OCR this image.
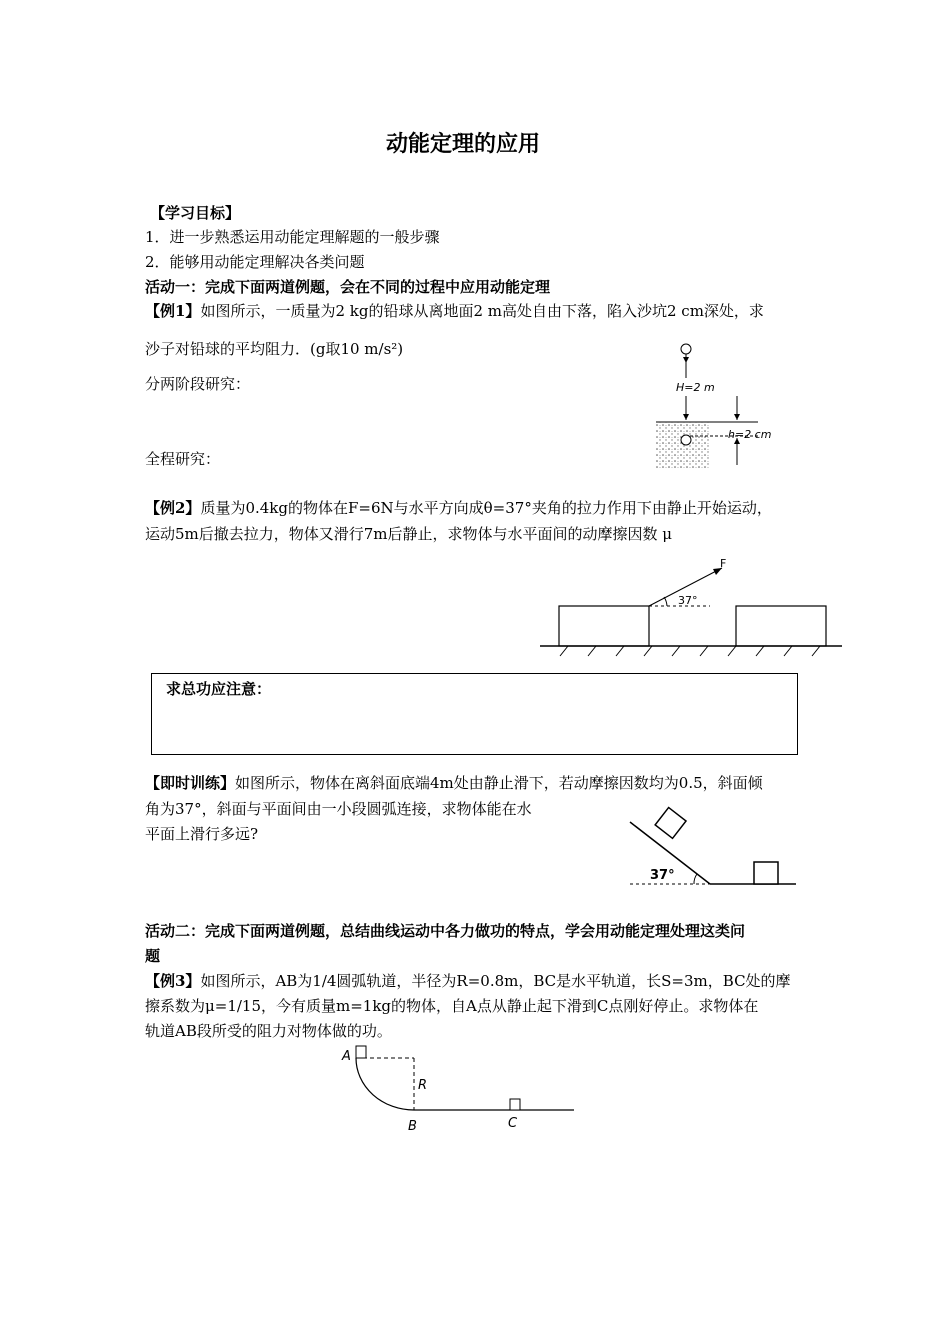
动能定理的应用
【学习目标】
1．进一步熟悉运用动能定理解题的一般步骤
2．能够用动能定理解决各类问题
活动一：完成下面两道例题，会在不同的过程中应用动能定理
【例1】如图所示，一质量为2 kg的铅球从离地面2 m高处自由下落，陷入沙坑2 cm深处，求
沙子对铅球的平均阻力．(g取10 m/s²)
分两阶段研究：
全程研究：
H=2 m
h=2 cm
【例2】质量为0.4kg的物体在F=6N与水平方向成θ=37°夹角的拉力作用下由静止开始运动，
运动5m后撤去拉力，物体又滑行7m后静止，求物体与水平面间的动摩擦因数 μ
F
37°
求总功应注意：
【即时训练】如图所示，物体在离斜面底端4m处由静止滑下，若动摩擦因数均为0.5，斜面倾
角为37°，斜面与平面间由一小段圆弧连接，求物体能在水
平面上滑行多远?
37°
活动二：完成下面两道例题，总结曲线运动中各力做功的特点，学会用动能定理处理这类问
题
【例3】如图所示，AB为1/4圆弧轨道，半径为R=0.8m，BC是水平轨道，长S=3m，BC处的摩
擦系数为μ=1/15，今有质量m=1kg的物体，自A点从静止起下滑到C点刚好停止。求物体在
轨道AB段所受的阻力对物体做的功。
A
R
B	C
